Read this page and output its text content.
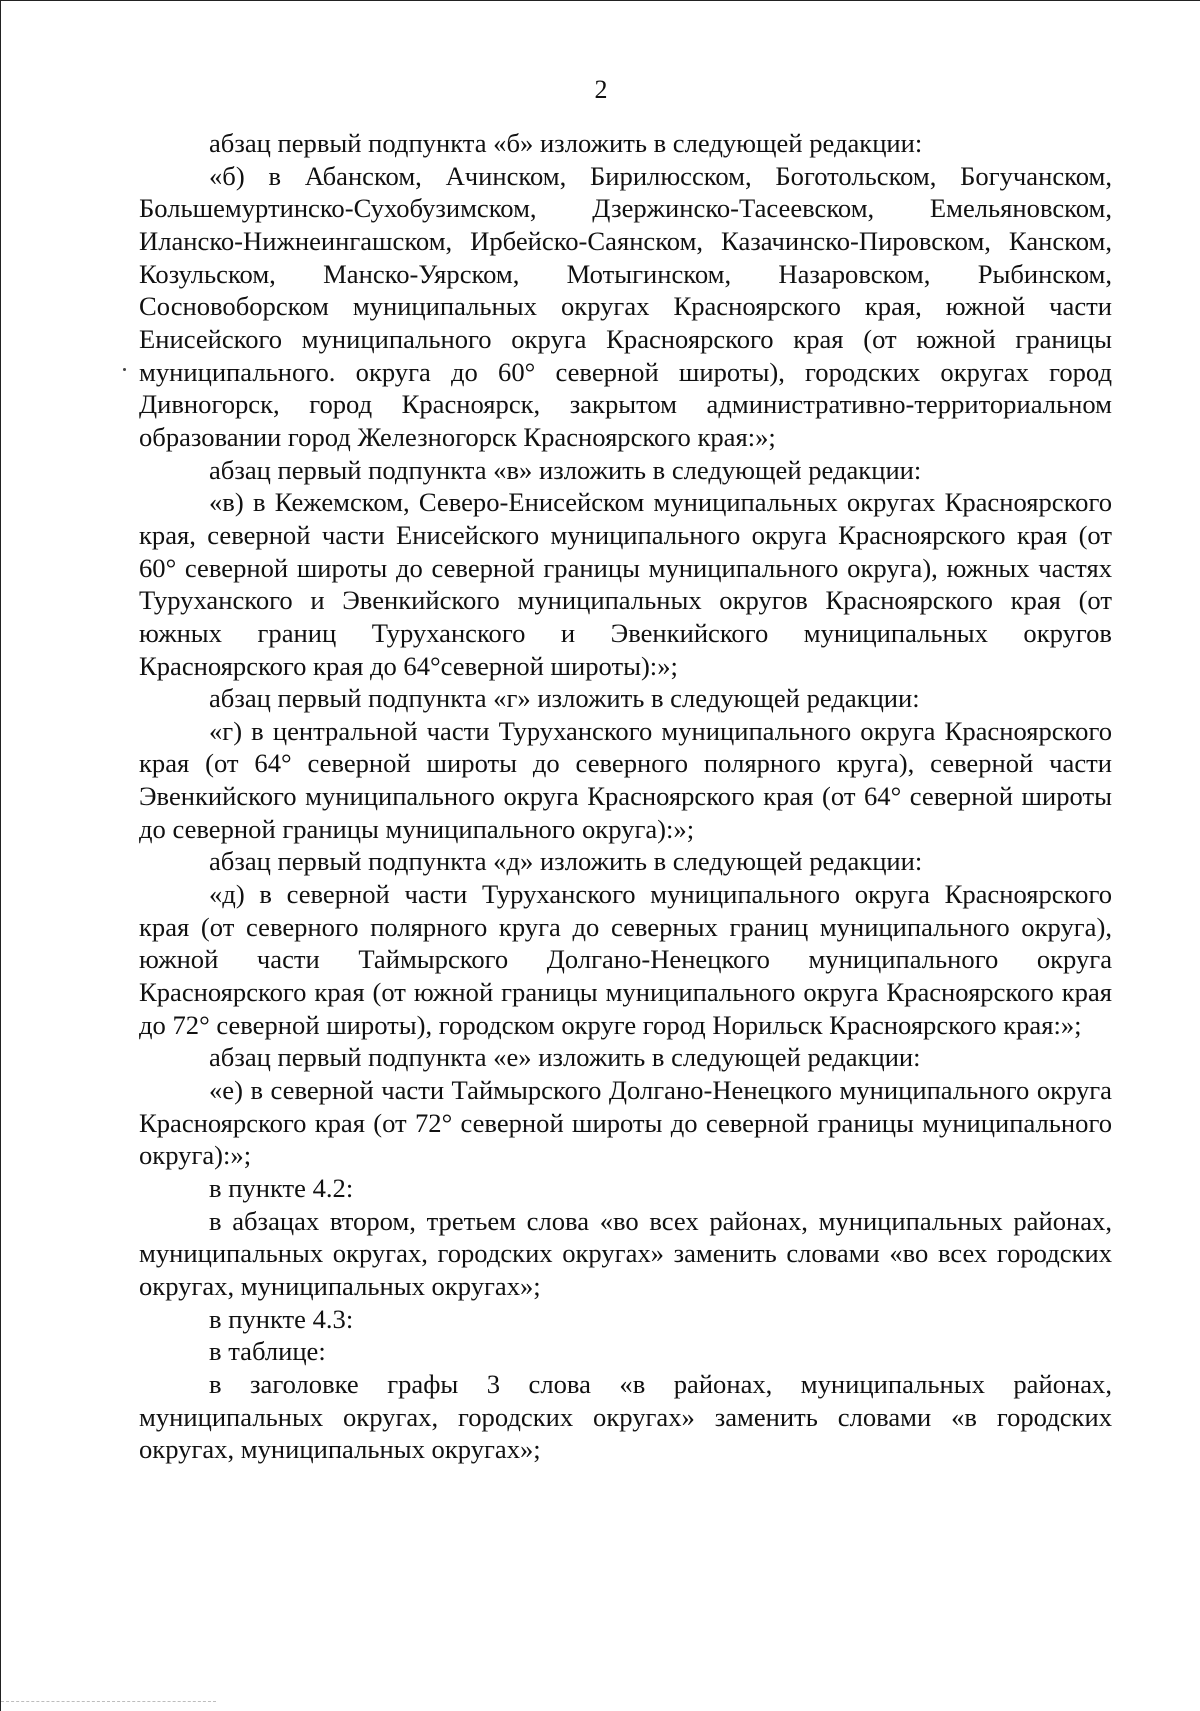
2

абзац первый подпункта «б» изложить в следующей редакции:

«б) в Абанском, Ачинском, Бирилюсском, Боготольском, Богучанском, Большемуртинско-Сухобузимском, Дзержинско-Тасеевском, Емельяновском, Иланско-Нижнеингашском, Ирбейско-Саянском, Казачинско-Пировском, Канском, Козульском, Манско-Уярском, Мотыгинском, Назаровском, Рыбинском, Сосновоборском муниципальных округах Красноярского края, южной части Енисейского муниципального округа Красноярского края (от южной границы муниципального. округа до 60° северной широты), городских округах город Дивногорск, город Красноярск, закрытом административно-территориальном образовании город Железногорск Красноярского края:»;

абзац первый подпункта «в» изложить в следующей редакции:

«в) в Кежемском, Северо-Енисейском муниципальных округах Красноярского края, северной части Енисейского муниципального округа Красноярского края (от 60° северной широты до северной границы муниципального округа), южных частях Туруханского и Эвенкийского муниципальных округов Красноярского края (от южных границ Туруханского и Эвенкийского муниципальных округов Красноярского края до 64°северной широты):»;

абзац первый подпункта «г» изложить в следующей редакции:

«г) в центральной части Туруханского муниципального округа Красноярского края (от 64° северной широты до северного полярного круга), северной части Эвенкийского муниципального округа Красноярского края (от 64° северной широты до северной границы муниципального округа):»;

абзац первый подпункта «д» изложить в следующей редакции:

«д) в северной части Туруханского муниципального округа Красноярского края (от северного полярного круга до северных границ муниципального округа), южной части Таймырского Долгано-Ненецкого муниципального округа Красноярского края (от южной границы муниципального округа Красноярского края до 72° северной широты), городском округе город Норильск Красноярского края:»;

абзац первый подпункта «е» изложить в следующей редакции:

«е) в северной части Таймырского Долгано-Ненецкого муниципального округа Красноярского края (от 72° северной широты до северной границы муниципального округа):»;

в пункте 4.2:

в абзацах втором, третьем слова «во всех районах, муниципальных районах, муниципальных округах, городских округах» заменить словами «во всех городских округах, муниципальных округах»;

в пункте 4.3:

в таблице:

в заголовке графы 3 слова «в районах, муниципальных районах, муниципальных округах, городских округах» заменить словами «в городских округах, муниципальных округах»;
